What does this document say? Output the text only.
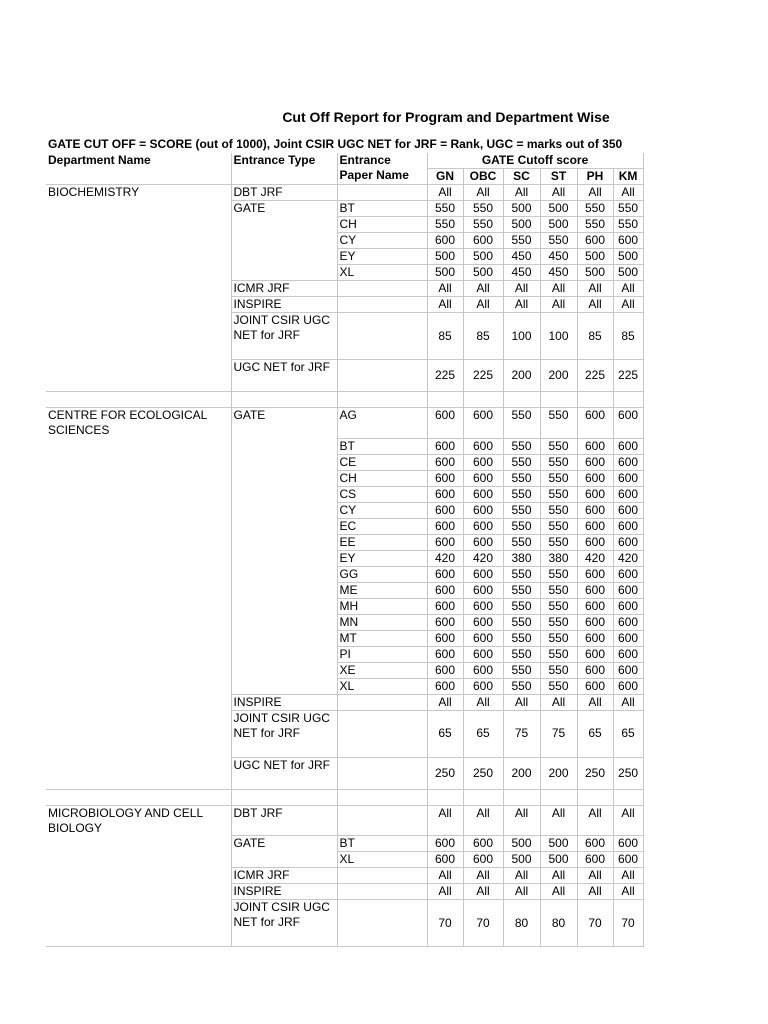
Cut Off Report for Program and Department Wise
GATE CUT OFF = SCORE (out of 1000), Joint CSIR UGC NET for JRF = Rank, UGC = marks out of 350
Department Name	Entrance Type	Entrance Paper Name	GATE Cutoff score					
			GN	OBC	SC	ST	PH	KM
BIOCHEMISTRY	DBT JRF		All	All	All	All	All	All
	GATE	BT	550	550	500	500	550	550
		CH	550	550	500	500	550	550
		CY	600	600	550	550	600	600
		EY	500	500	450	450	500	500
		XL	500	500	450	450	500	500
	ICMR JRF		All	All	All	All	All	All
	INSPIRE		All	All	All	All	All	All
	JOINT CSIR UGC NET for JRF		85	85	100	100	85	85
	UGC NET for JRF		225	225	200	200	225	225

CENTRE FOR ECOLOGICAL SCIENCES	GATE	AG	600	600	550	550	600	600
		BT	600	600	550	550	600	600
		CE	600	600	550	550	600	600
		CH	600	600	550	550	600	600
		CS	600	600	550	550	600	600
		CY	600	600	550	550	600	600
		EC	600	600	550	550	600	600
		EE	600	600	550	550	600	600
		EY	420	420	380	380	420	420
		GG	600	600	550	550	600	600
		ME	600	600	550	550	600	600
		MH	600	600	550	550	600	600
		MN	600	600	550	550	600	600
		MT	600	600	550	550	600	600
		PI	600	600	550	550	600	600
		XE	600	600	550	550	600	600
		XL	600	600	550	550	600	600
	INSPIRE		All	All	All	All	All	All
	JOINT CSIR UGC NET for JRF		65	65	75	75	65	65
	UGC NET for JRF		250	250	200	200	250	250

MICROBIOLOGY AND CELL BIOLOGY	DBT JRF		All	All	All	All	All	All
	GATE	BT	600	600	500	500	600	600
		XL	600	600	500	500	600	600
	ICMR JRF		All	All	All	All	All	All
	INSPIRE		All	All	All	All	All	All
	JOINT CSIR UGC NET for JRF		70	70	80	80	70	70
